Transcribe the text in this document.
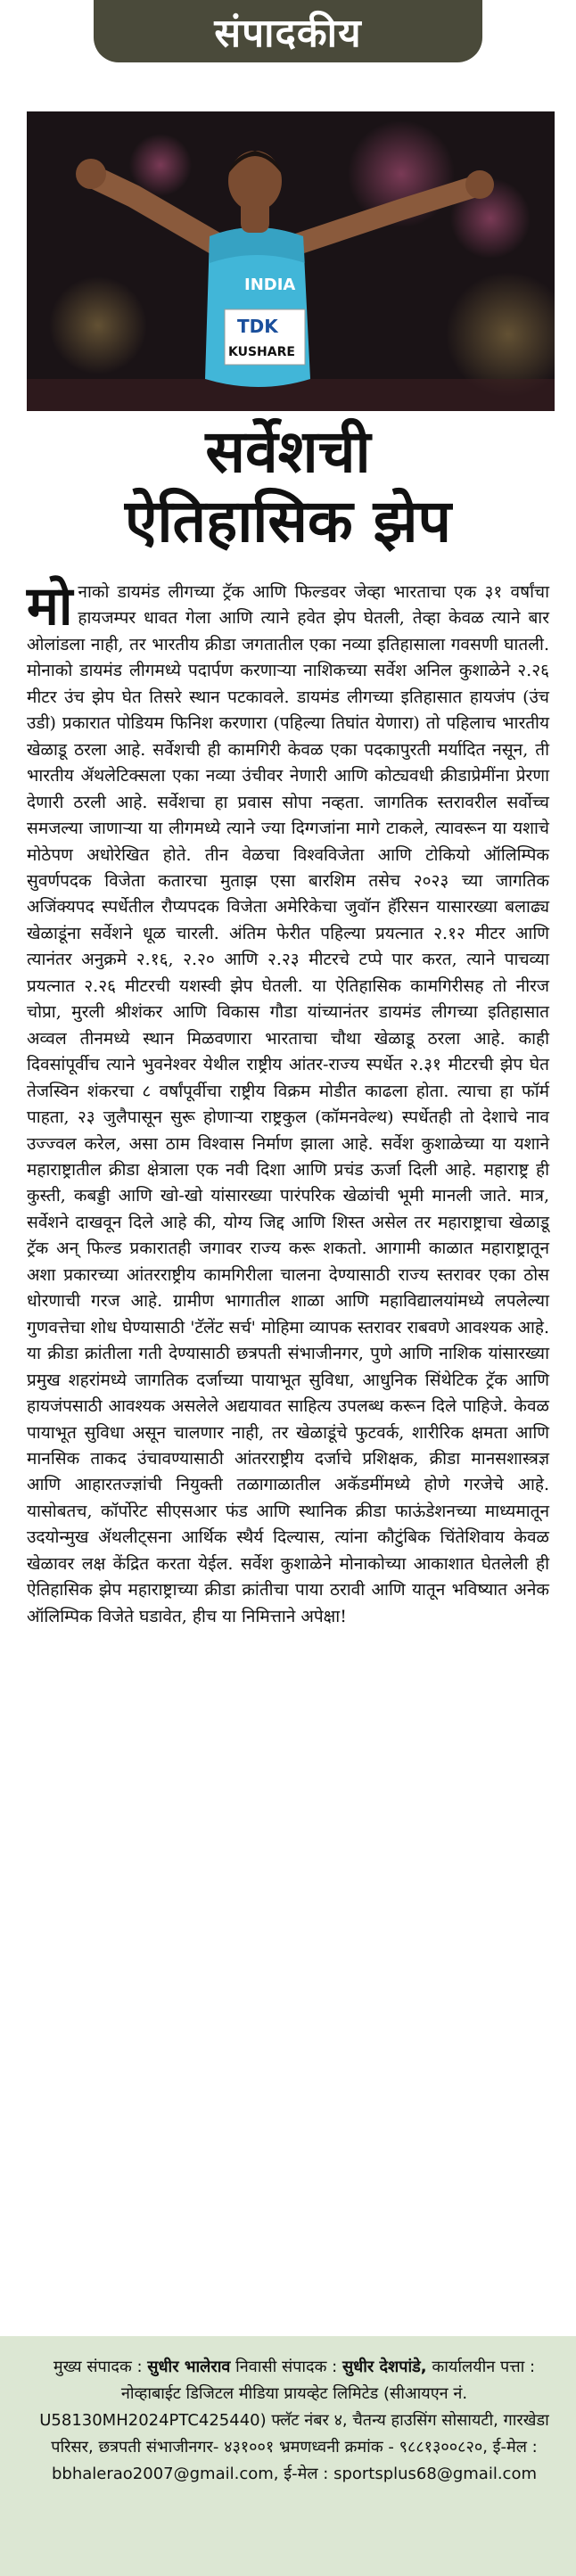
संपादकीय
INDIA
TDK
KUSHARE
सर्वेशची
ऐतिहासिक झेप
मोनाको डायमंड लीगच्या ट्रॅक आणि फिल्डवर जेव्हा भारताचा एक ३१ वर्षांचा हायजम्पर धावत गेला आणि त्याने हवेत झेप घेतली, तेव्हा केवळ त्याने बार ओलांडला नाही, तर भारतीय क्रीडा जगतातील एका नव्या इतिहासाला गवसणी घातली. मोनाको डायमंड लीगमध्ये पदार्पण करणाऱ्या नाशिकच्या सर्वेश अनिल कुशाळेने २.२६ मीटर उंच झेप घेत तिसरे स्थान पटकावले. डायमंड लीगच्या इतिहासात हायजंप (उंच उडी) प्रकारात पोडियम फिनिश करणारा (पहिल्या तिघांत येणारा) तो पहिलाच भारतीय खेळाडू ठरला आहे. सर्वेशची ही कामगिरी केवळ एका पदकापुरती मर्यादित नसून, ती भारतीय ॲथलेटिक्सला एका नव्या उंचीवर नेणारी आणि कोट्यवधी क्रीडाप्रेमींना प्रेरणा देणारी ठरली आहे. सर्वेशचा हा प्रवास सोपा नव्हता. जागतिक स्तरावरील सर्वोच्च समजल्या जाणाऱ्या या लीगमध्ये त्याने ज्या दिग्गजांना मागे टाकले, त्यावरून या यशाचे मोठेपण अधोरेखित होते. तीन वेळचा विश्वविजेता आणि टोकियो ऑलिम्पिक सुवर्णपदक विजेता कतारचा मुताझ एसा बारशिम तसेच २०२३ च्या जागतिक अजिंक्यपद स्पर्धेतील रौप्यपदक विजेता अमेरिकेचा जुवॉन हॅरिसन यासारख्या बलाढ्य खेळाडूंना सर्वेशने धूळ चारली. अंतिम फेरीत पहिल्या प्रयत्नात २.१२ मीटर आणि त्यानंतर अनुक्रमे २.१६, २.२० आणि २.२३ मीटरचे टप्पे पार करत, त्याने पाचव्या प्रयत्नात २.२६ मीटरची यशस्वी झेप घेतली. या ऐतिहासिक कामगिरीसह तो नीरज चोप्रा, मुरली श्रीशंकर आणि विकास गौडा यांच्यानंतर डायमंड लीगच्या इतिहासात अव्वल तीनमध्ये स्थान मिळवणारा भारताचा चौथा खेळाडू ठरला आहे. काही दिवसांपूर्वीच त्याने भुवनेश्वर येथील राष्ट्रीय आंतर-राज्य स्पर्धेत २.३१ मीटरची झेप घेत तेजस्विन शंकरचा ८ वर्षांपूर्वीचा राष्ट्रीय विक्रम मोडीत काढला होता. त्याचा हा फॉर्म पाहता, २३ जुलैपासून सुरू होणाऱ्या राष्ट्रकुल (कॉमनवेल्थ) स्पर्धेतही तो देशाचे नाव उज्ज्वल करेल, असा ठाम विश्वास निर्माण झाला आहे. सर्वेश कुशाळेच्या या यशाने महाराष्ट्रातील क्रीडा क्षेत्राला एक नवी दिशा आणि प्रचंड ऊर्जा दिली आहे. महाराष्ट्र ही कुस्ती, कबड्डी आणि खो-खो यांसारख्या पारंपरिक खेळांची भूमी मानली जाते. मात्र, सर्वेशने दाखवून दिले आहे की, योग्य जिद्द आणि शिस्त असेल तर महाराष्ट्राचा खेळाडू ट्रॅक अन् फिल्ड प्रकारातही जगावर राज्य करू शकतो. आगामी काळात महाराष्ट्रातून अशा प्रकारच्या आंतरराष्ट्रीय कामगिरीला चालना देण्यासाठी राज्य स्तरावर एका ठोस धोरणाची गरज आहे. ग्रामीण भागातील शाळा आणि महाविद्यालयांमध्ये लपलेल्या गुणवत्तेचा शोध घेण्यासाठी 'टॅलेंट सर्च' मोहिमा व्यापक स्तरावर राबवणे आवश्यक आहे. या क्रीडा क्रांतीला गती देण्यासाठी छत्रपती संभाजीनगर, पुणे आणि नाशिक यांसारख्या प्रमुख शहरांमध्ये जागतिक दर्जाच्या पायाभूत सुविधा, आधुनिक सिंथेटिक ट्रॅक आणि हायजंपसाठी आवश्यक असलेले अद्ययावत साहित्य उपलब्ध करून दिले पाहिजे. केवळ पायाभूत सुविधा असून चालणार नाही, तर खेळाडूंचे फुटवर्क, शारीरिक क्षमता आणि मानसिक ताकद उंचावण्यासाठी आंतरराष्ट्रीय दर्जाचे प्रशिक्षक, क्रीडा मानसशास्त्रज्ञ आणि आहारतज्ज्ञांची नियुक्ती तळागाळातील अकॅडमींमध्ये होणे गरजेचे आहे. यासोबतच, कॉर्पोरेट सीएसआर फंड आणि स्थानिक क्रीडा फाऊंडेशनच्या माध्यमातून उदयोन्मुख ॲथलीट्सना आर्थिक स्थैर्य दिल्यास, त्यांना कौटुंबिक चिंतेशिवाय केवळ खेळावर लक्ष केंद्रित करता येईल. सर्वेश कुशाळेने मोनाकोच्या आकाशात घेतलेली ही ऐतिहासिक झेप महाराष्ट्राच्या क्रीडा क्रांतीचा पाया ठरावी आणि यातून भविष्यात अनेक ऑलिम्पिक विजेते घडावेत, हीच या निमित्ताने अपेक्षा!
मुख्य संपादक : सुधीर भालेराव निवासी संपादक : सुधीर देशपांडे, कार्यालयीन पत्ता : नोव्हाबाईट डिजिटल मीडिया प्रायव्हेट लिमिटेड (सीआयएन नं. U58130MH2024PTC425440) फ्लॅट नंबर ४, चैतन्य हाउसिंग सोसायटी, गारखेडा परिसर, छत्रपती संभाजीनगर- ४३१००१ भ्रमणध्वनी क्रमांक - ९८८१३००८२०, ई-मेल : bbhalerao2007@gmail.com, ई-मेल : sportsplus68@gmail.com
